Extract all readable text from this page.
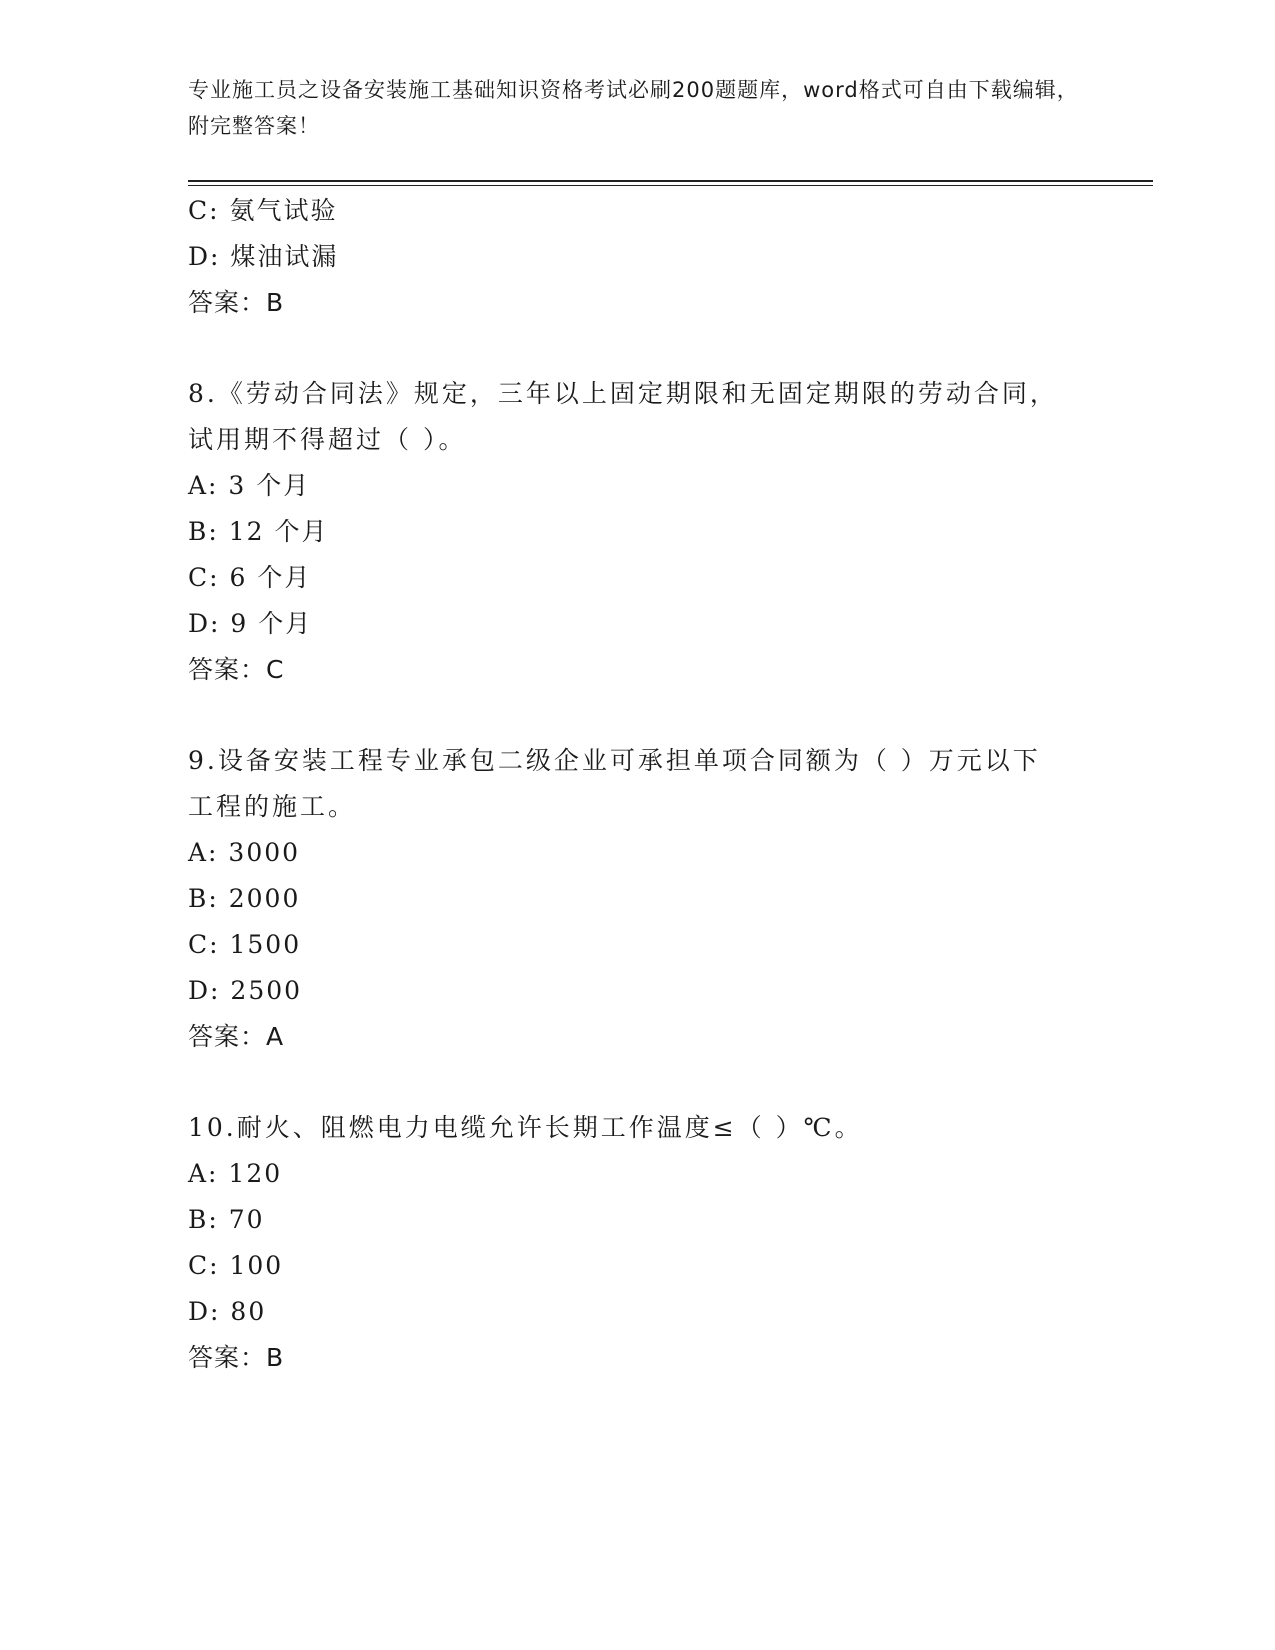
专业施工员之设备安装施工基础知识资格考试必刷200题题库，word格式可自由下载编辑，附完整答案！
C: 氨气试验
D: 煤油试漏
答案：B
8.《劳动合同法》规定，三年以上固定期限和无固定期限的劳动合同，试用期不得超过（ ）。
A: 3 个月
B: 12 个月
C: 6 个月
D: 9 个月
答案：C
9.设备安装工程专业承包二级企业可承担单项合同额为（ ）万元以下工程的施工。
A: 3000
B: 2000
C: 1500
D: 2500
答案：A
10.耐火、阻燃电力电缆允许长期工作温度≤（ ）℃。
A: 120
B: 70
C: 100
D: 80
答案：B
